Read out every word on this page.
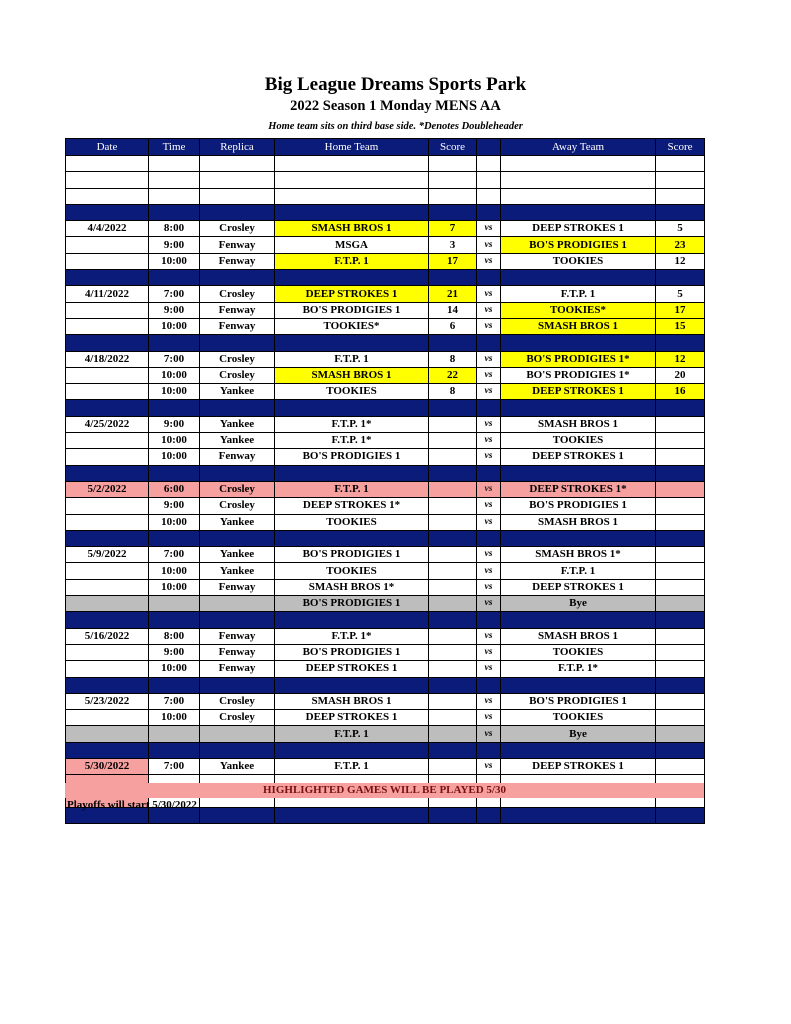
Big League Dreams Sports Park
2022 Season 1 Monday MENS AA
Home team sits on third base side. *Denotes Doubleheader
Date	Time	Replica	Home Team	Score		Away Team	Score

4/4/2022	8:00	Crosley	SMASH BROS 1	7	vs	DEEP STROKES 1	5
	9:00	Fenway	MSGA	3	vs	BO'S PRODIGIES 1	23
	10:00	Fenway	F.T.P. 1	17	vs	TOOKIES	12

4/11/2022	7:00	Crosley	DEEP STROKES 1	21	vs	F.T.P. 1	5
	9:00	Fenway	BO'S PRODIGIES 1	14	vs	TOOKIES*	17
	10:00	Fenway	TOOKIES*	6	vs	SMASH BROS 1	15

4/18/2022	7:00	Crosley	F.T.P. 1	8	vs	BO'S PRODIGIES 1*	12
	10:00	Crosley	SMASH BROS 1	22	vs	BO'S PRODIGIES 1*	20
	10:00	Yankee	TOOKIES	8	vs	DEEP STROKES 1	16

4/25/2022	9:00	Yankee	F.T.P. 1*		vs	SMASH BROS 1	
	10:00	Yankee	F.T.P. 1*		vs	TOOKIES	
	10:00	Fenway	BO'S PRODIGIES 1		vs	DEEP STROKES 1	

5/2/2022	6:00	Crosley	F.T.P. 1		vs	DEEP STROKES 1*	
	9:00	Crosley	DEEP STROKES 1*		vs	BO'S PRODIGIES 1	
	10:00	Yankee	TOOKIES		vs	SMASH BROS 1	

5/9/2022	7:00	Yankee	BO'S PRODIGIES 1		vs	SMASH BROS 1*	
	10:00	Yankee	TOOKIES		vs	F.T.P. 1	
	10:00	Fenway	SMASH BROS 1*		vs	DEEP STROKES 1	
			BO'S PRODIGIES 1		vs	Bye	

5/16/2022	8:00	Fenway	F.T.P. 1*		vs	SMASH BROS 1	
	9:00	Fenway	BO'S PRODIGIES 1		vs	TOOKIES	
	10:00	Fenway	DEEP STROKES 1		vs	F.T.P. 1*	

5/23/2022	7:00	Crosley	SMASH BROS 1		vs	BO'S PRODIGIES 1	
	10:00	Crosley	DEEP STROKES 1		vs	TOOKIES	
			F.T.P. 1		vs	Bye	

5/30/2022	7:00	Yankee	F.T.P. 1		vs	DEEP STROKES 1	

HIGHLIGHTED GAMES WILL BE PLAYED 5/30
Playoffs will start 5/30/2022
